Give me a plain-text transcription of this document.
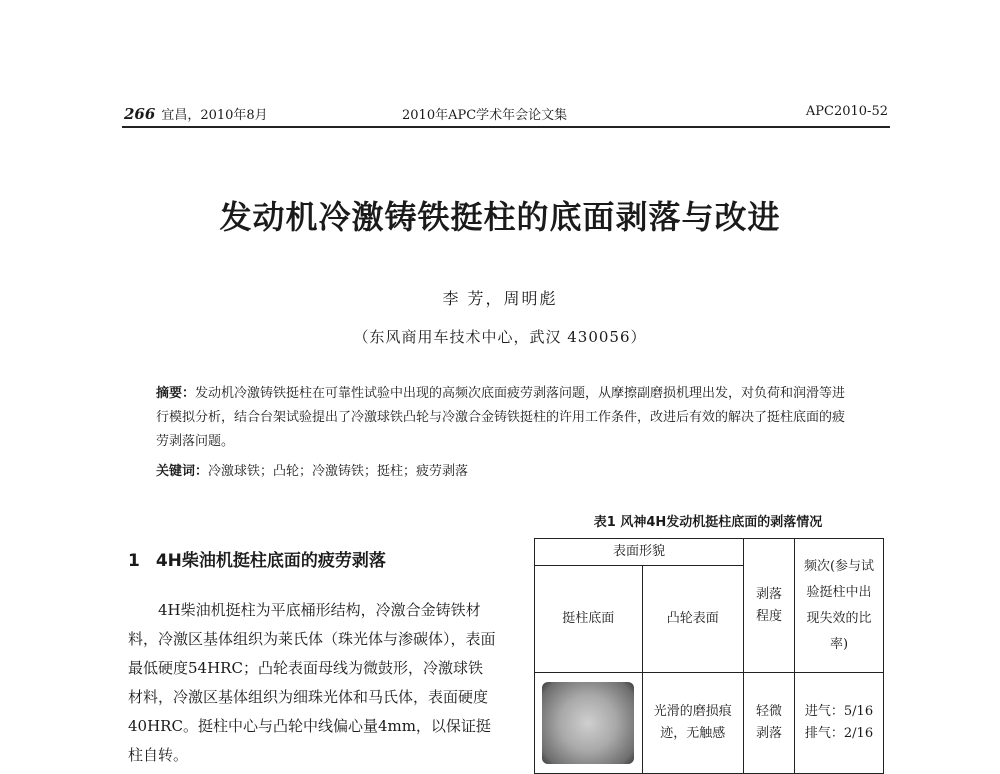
266 宜昌，2010年8月	2010年APC学术年会论文集	APC2010-52
发动机冷激铸铁挺柱的底面剥落与改进
李 芳，周明彪
（东风商用车技术中心，武汉 430056）
摘要：发动机冷激铸铁挺柱在可靠性试验中出现的高频次底面疲劳剥落问题，从摩擦副磨损机理出发，对负荷和润滑等进行模拟分析，结合台架试验提出了冷激球铁凸轮与冷激合金铸铁挺柱的许用工作条件，改进后有效的解决了挺柱底面的疲劳剥落问题。
关键词：冷激球铁；凸轮；冷激铸铁；挺柱；疲劳剥落
1 4H柴油机挺柱底面的疲劳剥落
4H柴油机挺柱为平底桶形结构，冷激合金铸铁材料，冷激区基体组织为莱氏体（珠光体与渗碳体），表面最低硬度54HRC；凸轮表面母线为微鼓形，冷激球铁材料，冷激区基体组织为细珠光体和马氏体，表面硬度40HRC。挺柱中心与凸轮中线偏心量4mm，以保证挺柱自转。
表1 风神4H发动机挺柱底面的剥落情况
表面形貌		剥落程度	频次(参与试验挺柱中出现失效的比率)

挺柱底面	凸轮表面		

	光滑的磨损痕迹，无触感	轻微剥落	进气：5/16
排气：2/16
